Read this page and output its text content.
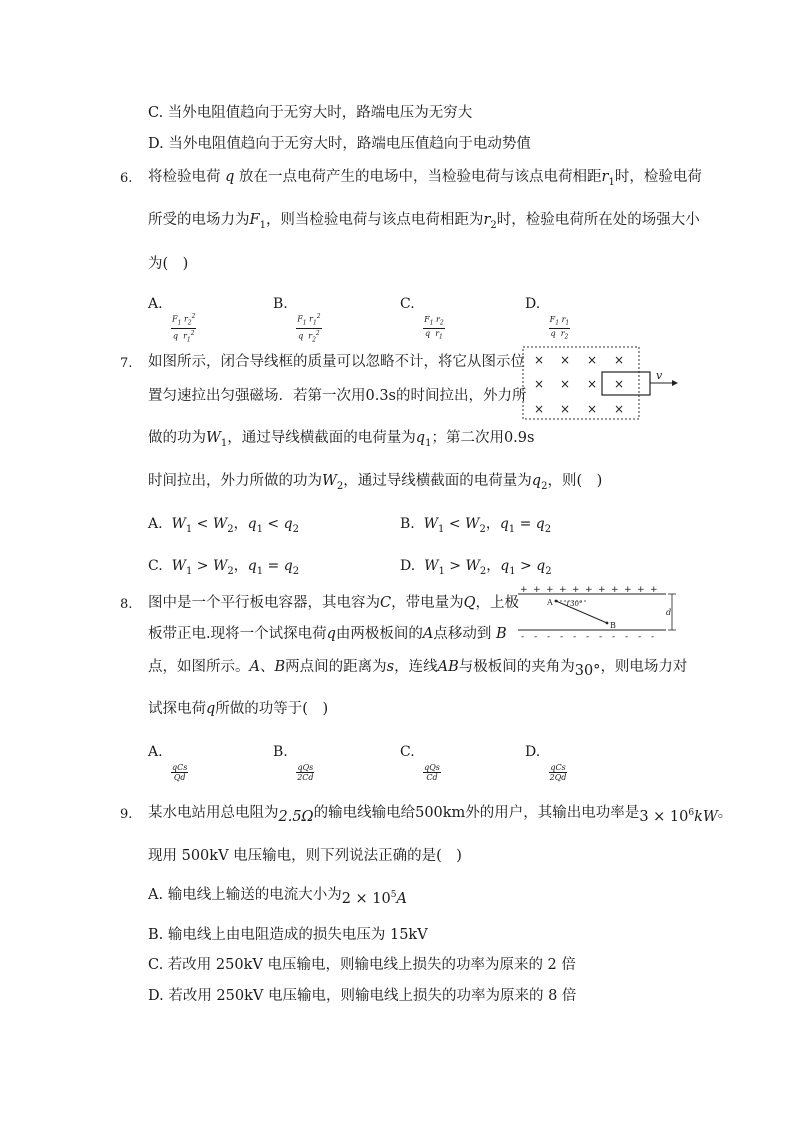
C. 当外电阻值趋向于无穷大时，路端电压为无穷大
D. 当外电阻值趋向于无穷大时，路端电压值趋向于电动势值
6. 将检验电荷 q 放在一点电荷产生的电场中，当检验电荷与该点电荷相距$r_1$时，检验电荷
所受的电场力为$F_1$，则当检验电荷与该点电荷相距为$r_2$时，检验电荷所在处的场强大小
为(　)
A.
$\frac{F_1 r_2^2}{q r_1^2}$
B.
$\frac{F_1 r_1^2}{q r_2^2}$
C.
$\frac{F_1 r_2}{q r_1}$
D.
$\frac{F_1 r_1}{q r_2}$
7. 如图所示，闭合导线框的质量可以忽略不计，将它从图示位
置匀速拉出匀强磁场．若第一次用0.3s的时间拉出，外力所
做的功为$W_1$，通过导线横截面的电荷量为$q_1$；第二次用0.9s
时间拉出，外力所做的功为$W_2$，通过导线横截面的电荷量为$q_2$，则(　)
A.  $W_1 < W_2$，$q_1 < q_2$	B.  $W_1 < W_2$，$q_1 = q_2$
C.  $W_1 > W_2$，$q_1 = q_2$	D.  $W_1 > W_2$，$q_1 > q_2$
× × × ×
× × × ×
× × × ×
v
8. 图中是一个平行板电容器，其电容为C，带电量为Q，上极
板带正电.现将一个试探电荷q由两极板间的A点移动到 B
点，如图所示。A、B两点间的距离为s，连线AB与极板间的夹角为30°，则电场力对
试探电荷q所做的功等于(　)
A.
$\frac{\text{qCs}}{Qd}$
B.
$\frac{\text{qQs}}{2Cd}$
C.
$\frac{\text{qQs}}{Cd}$
D.
$\frac{\text{qCs}}{2Qd}$
+ + + + + + + + + + +
- - - - - - - - - - -
A
B
30°
d
9. 某水电站用总电阻为2.5Ω的输电线输电给500km外的用户，其输出电功率是$3 \times 10^6kW$。
现用 500kV 电压输电，则下列说法正确的是(　)
A. 输电线上输送的电流大小为$2 \times 10^5A$
B. 输电线上由电阻造成的损失电压为 15kV
C. 若改用 250kV 电压输电，则输电线上损失的功率为原来的 2 倍
D. 若改用 250kV 电压输电，则输电线上损失的功率为原来的 8 倍
